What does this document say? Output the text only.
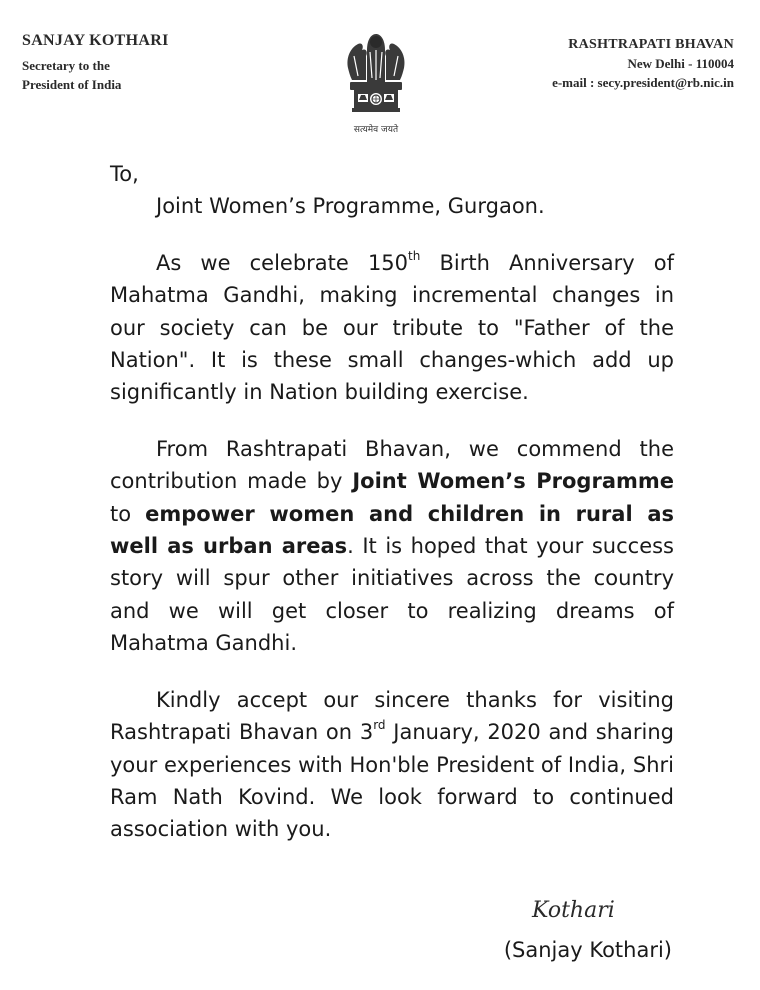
SANJAY KOTHARI
Secretary to the
President of India
सत्यमेव जयते
RASHTRAPATI BHAVAN
New Delhi - 110004
e-mail : secy.president@rb.nic.in

To,

Joint Women’s Programme, Gurgaon.

As we celebrate 150th Birth Anniversary of Mahatma Gandhi, making incremental changes in our society can be our tribute to "Father of the Nation". It is these small changes-which add up significantly in Nation building exercise.

From Rashtrapati Bhavan, we commend the contribution made by Joint Women’s Programme to empower women and children in rural as well as urban areas. It is hoped that your success story will spur other initiatives across the country and we will get closer to realizing dreams of Mahatma Gandhi.

Kindly accept our sincere thanks for visiting Rashtrapati Bhavan on 3rd January, 2020 and sharing your experiences with Hon'ble President of India, Shri Ram Nath Kovind. We look forward to continued association with you.

Kothari
(Sanjay Kothari)
